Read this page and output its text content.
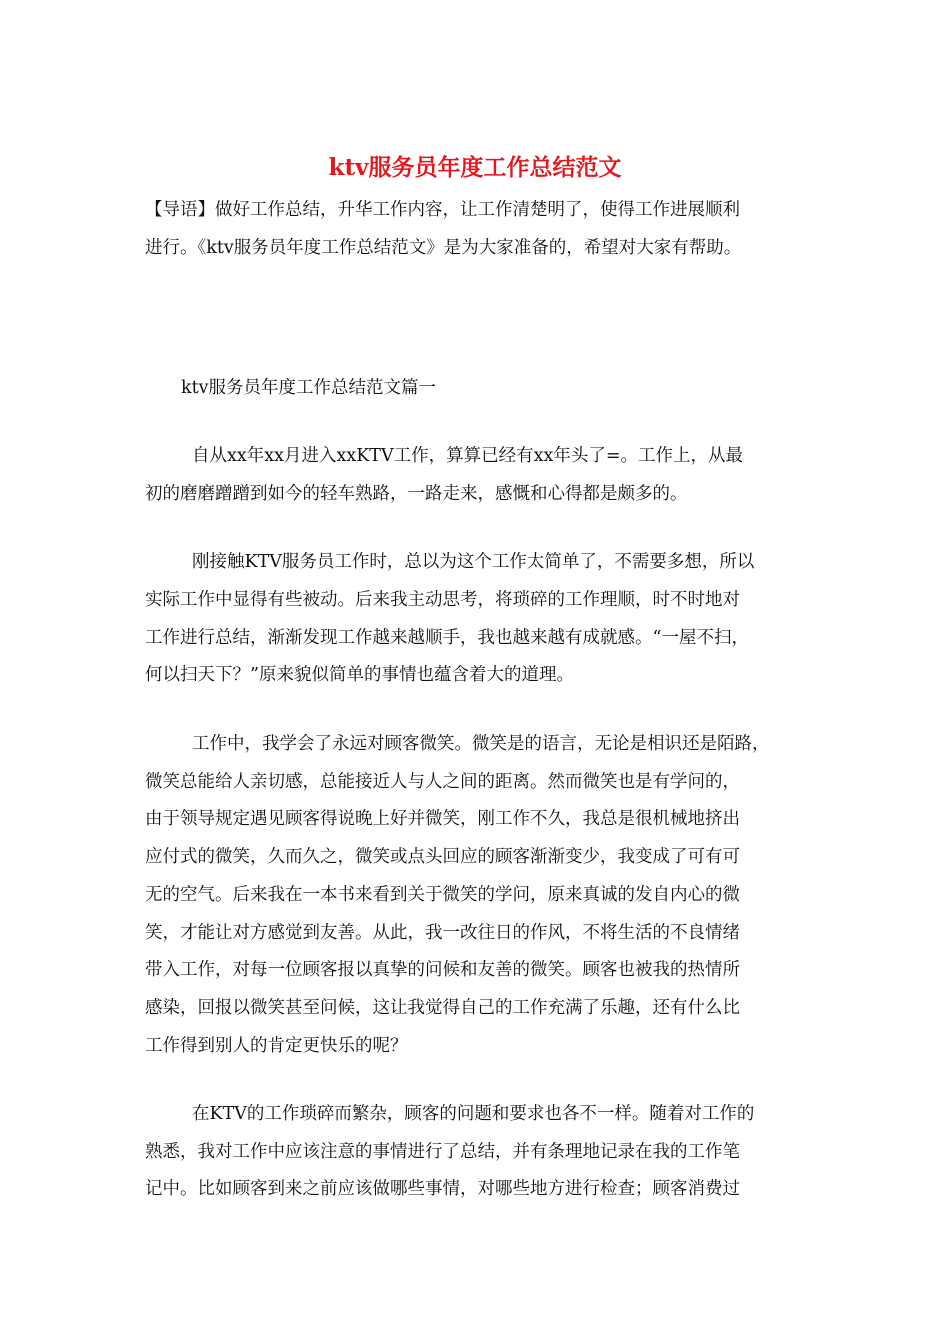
ktv服务员年度工作总结范文
【导语】做好工作总结，升华工作内容，让工作清楚明了，使得工作进展顺利
进行。《ktv服务员年度工作总结范文》是为大家准备的，希望对大家有帮助。
ktv服务员年度工作总结范文篇一
自从xx年xx月进入xxKTV工作，算算已经有xx年头了=。工作上，从最
初的磨磨蹭蹭到如今的轻车熟路，一路走来，感慨和心得都是颇多的。
刚接触KTV服务员工作时，总以为这个工作太简单了，不需要多想，所以
实际工作中显得有些被动。后来我主动思考，将琐碎的工作理顺，时不时地对
工作进行总结，渐渐发现工作越来越顺手，我也越来越有成就感。“一屋不扫，
何以扫天下？”原来貌似简单的事情也蕴含着大的道理。
工作中，我学会了永远对顾客微笑。微笑是的语言，无论是相识还是陌路，
微笑总能给人亲切感，总能接近人与人之间的距离。然而微笑也是有学问的，
由于领导规定遇见顾客得说晚上好并微笑，刚工作不久，我总是很机械地挤出
应付式的微笑，久而久之，微笑或点头回应的顾客渐渐变少，我变成了可有可
无的空气。后来我在一本书来看到关于微笑的学问，原来真诚的发自内心的微
笑，才能让对方感觉到友善。从此，我一改往日的作风，不将生活的不良情绪
带入工作，对每一位顾客报以真挚的问候和友善的微笑。顾客也被我的热情所
感染，回报以微笑甚至问候，这让我觉得自己的工作充满了乐趣，还有什么比
工作得到别人的肯定更快乐的呢？
在KTV的工作琐碎而繁杂，顾客的问题和要求也各不一样。随着对工作的
熟悉，我对工作中应该注意的事情进行了总结，并有条理地记录在我的工作笔
记中。比如顾客到来之前应该做哪些事情，对哪些地方进行检查；顾客消费过
